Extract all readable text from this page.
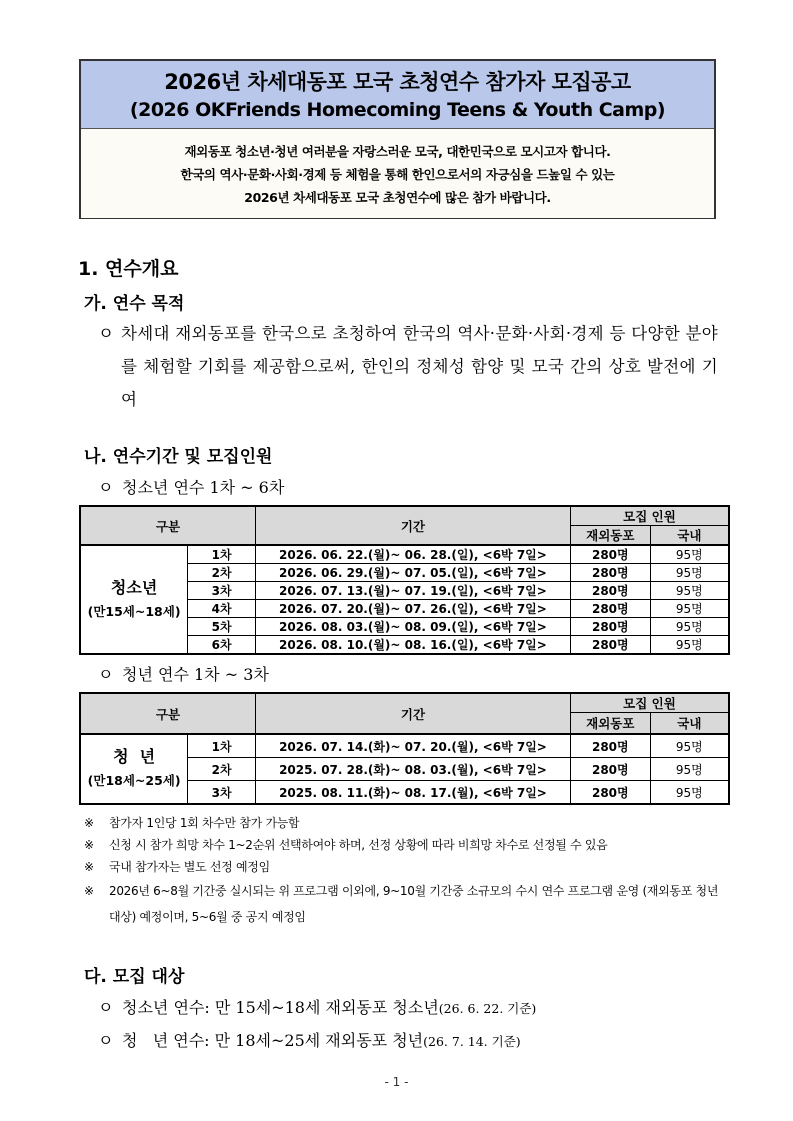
2026년 차세대동포 모국 초청연수 참가자 모집공고
(2026 OKFriends Homecoming Teens & Youth Camp)
재외동포 청소년·청년 여러분을 자랑스러운 모국, 대한민국으로 모시고자 합니다.
한국의 역사·문화·사회·경제 등 체험을 통해 한인으로서의 자긍심을 드높일 수 있는
2026년 차세대동포 모국 초청연수에 많은 참가 바랍니다.
1. 연수개요
가. 연수 목적
ㅇ 차세대 재외동포를 한국으로 초청하여 한국의 역사·문화·사회·경제 등 다양한 분야를 체험할 기회를 제공함으로써, 한인의 정체성 함양 및 모국 간의 상호 발전에 기여
나. 연수기간 및 모집인원
ㅇ 청소년 연수 1차 ~ 6차
구분		기간	모집 인원	
			재외동포	국내
청소년
(만15세~18세)	1차	2026. 06. 22.(월)~ 06. 28.(일), <6박 7일>	280명	95명
	2차	2026. 06. 29.(월)~ 07. 05.(일), <6박 7일>	280명	95명
	3차	2026. 07. 13.(월)~ 07. 19.(일), <6박 7일>	280명	95명
	4차	2026. 07. 20.(월)~ 07. 26.(일), <6박 7일>	280명	95명
	5차	2026. 08. 03.(월)~ 08. 09.(일), <6박 7일>	280명	95명
	6차	2026. 08. 10.(월)~ 08. 16.(일), <6박 7일>	280명	95명
ㅇ 청년 연수 1차 ~ 3차
구분		기간	모집 인원	
			재외동포	국내
청  년
(만18세~25세)	1차	2026. 07. 14.(화)~ 07. 20.(월), <6박 7일>	280명	95명
	2차	2025. 07. 28.(화)~ 08. 03.(월), <6박 7일>	280명	95명
	3차	2025. 08. 11.(화)~ 08. 17.(월), <6박 7일>	280명	95명
※ 참가자 1인당 1회 차수만 참가 가능함
※ 신청 시 참가 희망 차수 1~2순위 선택하여야 하며, 선정 상황에 따라 비희망 차수로 선정될 수 있음
※ 국내 참가자는 별도 선정 예정임
※ 2026년 6~8월 기간중 실시되는 위 프로그램 이외에, 9~10월 기간중 소규모의 수시 연수 프로그램 운영 (재외동포 청년 대상) 예정이며, 5~6월 중 공지 예정임
다. 모집 대상
ㅇ 청소년 연수: 만 15세~18세 재외동포 청소년(26. 6. 22. 기준)
ㅇ 청   년 연수: 만 18세~25세 재외동포 청년(26. 7. 14. 기준)
- 1 -
